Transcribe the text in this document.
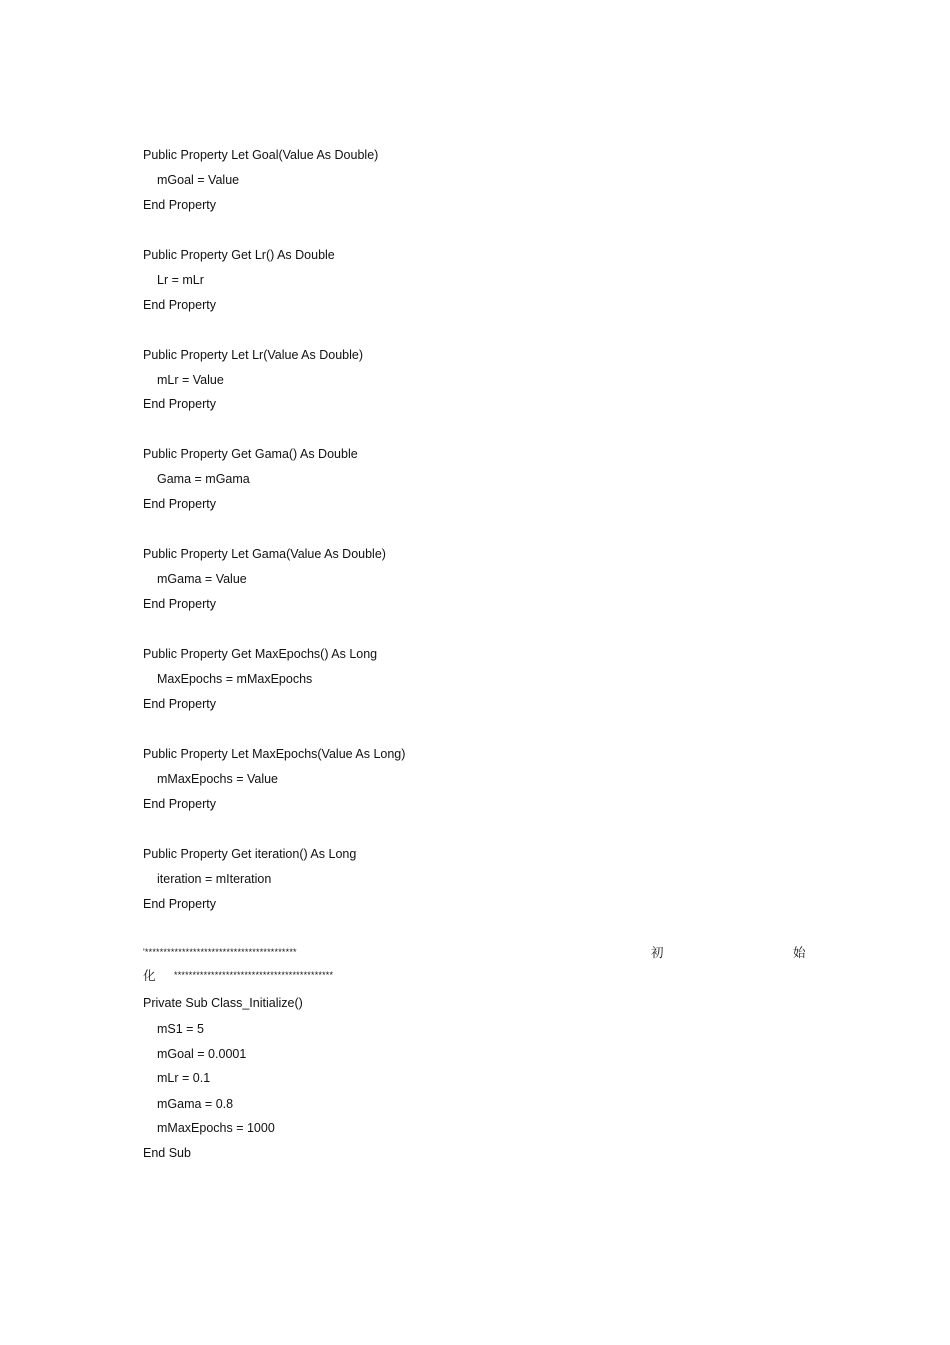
Public Property Let Goal(Value As Double)
mGoal = Value
End Property
Public Property Get Lr() As Double
Lr = mLr
End Property
Public Property Let Lr(Value As Double)
mLr = Value
End Property
Public Property Get Gama() As Double
Gama = mGama
End Property
Public Property Let Gama(Value As Double)
mGama = Value
End Property
Public Property Get MaxEpochs() As Long
MaxEpochs = mMaxEpochs
End Property
Public Property Let MaxEpochs(Value As Long)
mMaxEpochs = Value
End Property
Public Property Get iteration() As Long
iteration = mIteration
End Property
'*****************************************	初	始
化 *******************************************
Private Sub Class_Initialize()
mS1 = 5
mGoal = 0.0001
mLr = 0.1
mGama = 0.8
mMaxEpochs = 1000
End Sub
